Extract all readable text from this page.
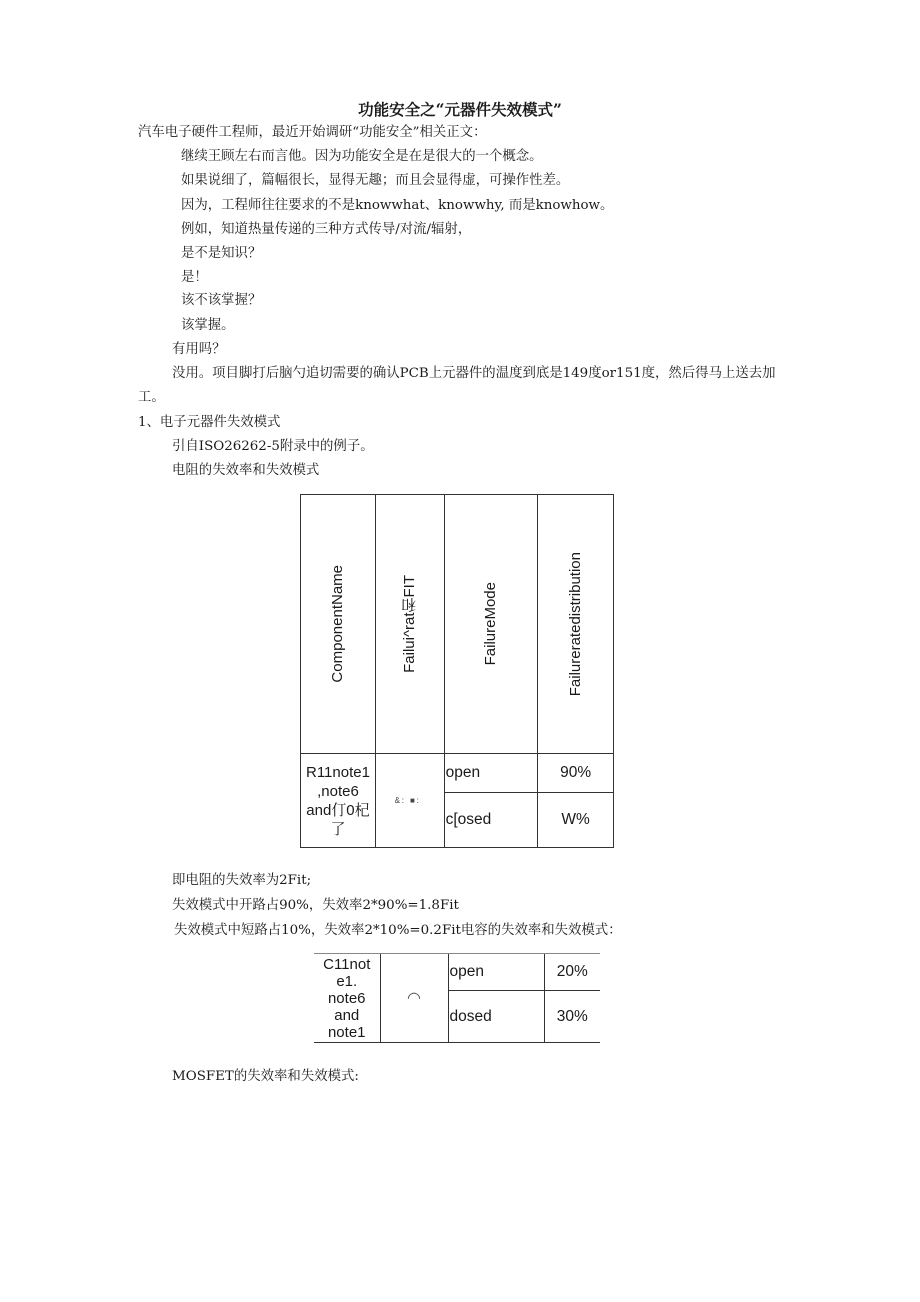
功能安全之“元器件失效模式”
汽车电子硬件工程师，最近开始调研“功能安全”相关正文：
继续王顾左右而言他。因为功能安全是在是很大的一个概念。
如果说细了，篇幅很长，显得无趣；而且会显得虚，可操作性差。
因为，工程师往往要求的不是knowwhat、knowwhy, 而是knowhow。
例如，知道热量传递的三种方式传导/对流/辐射，
是不是知识？
是！
该不该掌握？
该掌握。
有用吗？
没用。项目脚打后脑勺追切需要的确认PCB上元器件的温度到底是149度or151度，然后得马上送去加
工。
1、电子元器件失效模式
引自ISO26262-5附录中的例子。
电阻的失效率和失效模式
ComponentName	Failui^rat和FIT	FailureMode	Failureratedistribution

R11note1
,note6
and仃0杞
了	&：■：	open	90%
		c[osed	W%
即电阻的失效率为2Fit;
失效模式中开路占90%，失效率2*90%=1.8Fit
失效模式中短路占10%，失效率2*10%=0.2Fit电容的失效率和失效模式：
C11not
e1.
note6
and
note1	◠	open	20%
		dosed	30%
MOSFET的失效率和失效模式:
